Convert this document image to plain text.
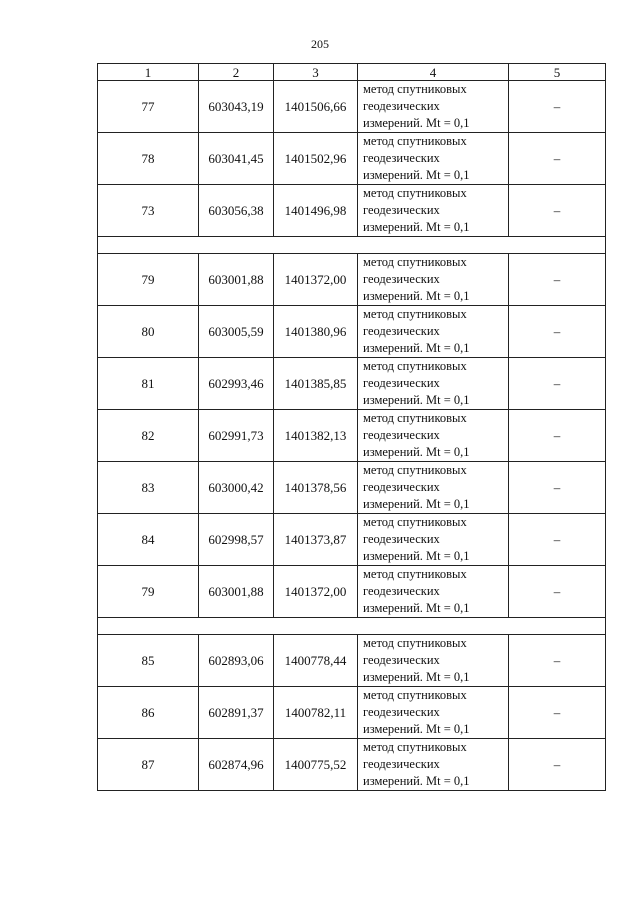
205
1	2	3	4	5
77	603043,19	1401506,66	метод спутниковых
геодезических
измерений. Mt = 0,1	–
78	603041,45	1401502,96	метод спутниковых
геодезических
измерений. Mt = 0,1	–
73	603056,38	1401496,98	метод спутниковых
геодезических
измерений. Mt = 0,1	–

79	603001,88	1401372,00	метод спутниковых
геодезических
измерений. Mt = 0,1	–
80	603005,59	1401380,96	метод спутниковых
геодезических
измерений. Mt = 0,1	–
81	602993,46	1401385,85	метод спутниковых
геодезических
измерений. Mt = 0,1	–
82	602991,73	1401382,13	метод спутниковых
геодезических
измерений. Mt = 0,1	–
83	603000,42	1401378,56	метод спутниковых
геодезических
измерений. Mt = 0,1	–
84	602998,57	1401373,87	метод спутниковых
геодезических
измерений. Mt = 0,1	–
79	603001,88	1401372,00	метод спутниковых
геодезических
измерений. Mt = 0,1	–

85	602893,06	1400778,44	метод спутниковых
геодезических
измерений. Mt = 0,1	–
86	602891,37	1400782,11	метод спутниковых
геодезических
измерений. Mt = 0,1	–
87	602874,96	1400775,52	метод спутниковых
геодезических
измерений. Mt = 0,1	–
